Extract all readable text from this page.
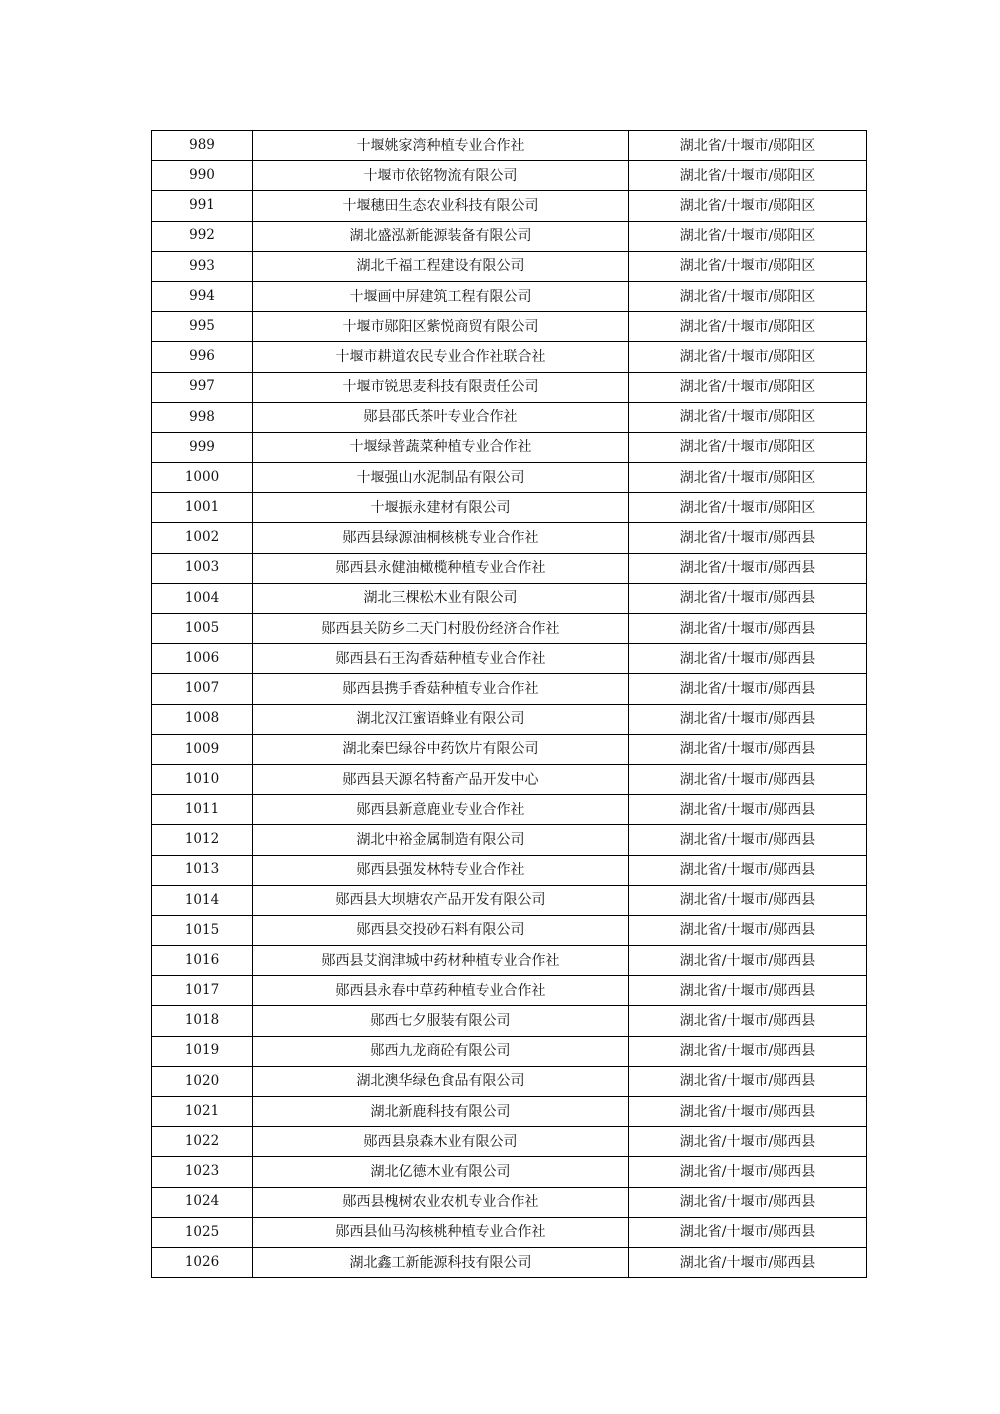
989	十堰姚家湾种植专业合作社	湖北省/十堰市/郧阳区
990	十堰市依铭物流有限公司	湖北省/十堰市/郧阳区
991	十堰穗田生态农业科技有限公司	湖北省/十堰市/郧阳区
992	湖北盛泓新能源装备有限公司	湖北省/十堰市/郧阳区
993	湖北千福工程建设有限公司	湖北省/十堰市/郧阳区
994	十堰画中屏建筑工程有限公司	湖北省/十堰市/郧阳区
995	十堰市郧阳区紫悦商贸有限公司	湖北省/十堰市/郧阳区
996	十堰市耕道农民专业合作社联合社	湖北省/十堰市/郧阳区
997	十堰市锐思麦科技有限责任公司	湖北省/十堰市/郧阳区
998	郧县邵氏茶叶专业合作社	湖北省/十堰市/郧阳区
999	十堰绿普蔬菜种植专业合作社	湖北省/十堰市/郧阳区
1000	十堰强山水泥制品有限公司	湖北省/十堰市/郧阳区
1001	十堰振永建材有限公司	湖北省/十堰市/郧阳区
1002	郧西县绿源油桐核桃专业合作社	湖北省/十堰市/郧西县
1003	郧西县永健油橄榄种植专业合作社	湖北省/十堰市/郧西县
1004	湖北三棵松木业有限公司	湖北省/十堰市/郧西县
1005	郧西县关防乡二天门村股份经济合作社	湖北省/十堰市/郧西县
1006	郧西县石王沟香菇种植专业合作社	湖北省/十堰市/郧西县
1007	郧西县携手香菇种植专业合作社	湖北省/十堰市/郧西县
1008	湖北汉江蜜语蜂业有限公司	湖北省/十堰市/郧西县
1009	湖北秦巴绿谷中药饮片有限公司	湖北省/十堰市/郧西县
1010	郧西县天源名特畜产品开发中心	湖北省/十堰市/郧西县
1011	郧西县新意鹿业专业合作社	湖北省/十堰市/郧西县
1012	湖北中裕金属制造有限公司	湖北省/十堰市/郧西县
1013	郧西县强发林特专业合作社	湖北省/十堰市/郧西县
1014	郧西县大坝塘农产品开发有限公司	湖北省/十堰市/郧西县
1015	郧西县交投砂石料有限公司	湖北省/十堰市/郧西县
1016	郧西县艾润津城中药材种植专业合作社	湖北省/十堰市/郧西县
1017	郧西县永春中草药种植专业合作社	湖北省/十堰市/郧西县
1018	郧西七夕服装有限公司	湖北省/十堰市/郧西县
1019	郧西九龙商砼有限公司	湖北省/十堰市/郧西县
1020	湖北澳华绿色食品有限公司	湖北省/十堰市/郧西县
1021	湖北新鹿科技有限公司	湖北省/十堰市/郧西县
1022	郧西县泉森木业有限公司	湖北省/十堰市/郧西县
1023	湖北亿德木业有限公司	湖北省/十堰市/郧西县
1024	郧西县槐树农业农机专业合作社	湖北省/十堰市/郧西县
1025	郧西县仙马沟核桃种植专业合作社	湖北省/十堰市/郧西县
1026	湖北鑫工新能源科技有限公司	湖北省/十堰市/郧西县
